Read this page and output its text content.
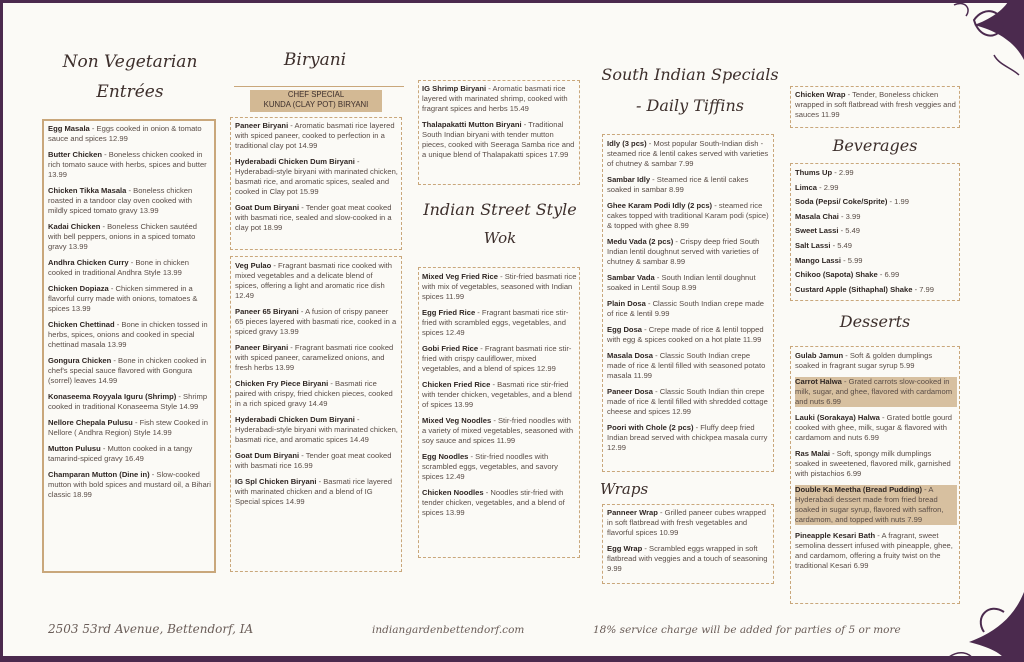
Non Vegetarian
Entrées
Egg Masala - Eggs cooked in onion & tomato sauce and spices 12.99
Butter Chicken - Boneless chicken cooked in rich tomato sauce with herbs, spices and butter 13.99
Chicken Tikka Masala - Boneless chicken roasted in a tandoor clay oven cooked with mildly spiced tomato gravy 13.99
Kadai Chicken - Boneless Chicken sautéed with bell peppers, onions in a spiced tomato gravy 13.99
Andhra Chicken Curry - Bone in chicken cooked in traditional Andhra Style 13.99
Chicken Dopiaza - Chicken simmered in a flavorful curry made with onions, tomatoes & spices 13.99
Chicken Chettinad - Bone in chicken tossed in herbs, spices, onions and cooked in special chettinad masala 13.99
Gongura Chicken - Bone in chicken cooked in chef's special sauce flavored with Gongura (sorrel) leaves 14.99
Konaseema Royyala Iguru (Shrimp) - Shrimp cooked in traditional Konaseema Style 14.99
Nellore Chepala Pulusu - Fish stew Cooked in Nellore ( Andhra Region) Style 14.99
Mutton Pulusu - Mutton cooked in a tangy tamarind-spiced gravy 16.49
Champaran Mutton (Dine in) - Slow-cooked mutton with bold spices and mustard oil, a Bihari classic 18.99
Biryani
CHEF SPECIAL
KUNDA (CLAY POT) BIRYANI
Paneer Biryani - Aromatic basmati rice layered with spiced paneer, cooked to perfection in a traditional clay pot 14.99
Hyderabadi Chicken Dum Biryani - Hyderabadi-style biryani with marinated chicken, basmati rice, and aromatic spices, sealed and cooked in Clay pot 15.99
Goat Dum Biryani - Tender goat meat cooked with basmati rice, sealed and slow-cooked in a clay pot 18.99
Veg Pulao - Fragrant basmati rice cooked with mixed vegetables and a delicate blend of spices, offering a light and aromatic rice dish 12.49
Paneer 65 Biryani - A fusion of crispy paneer 65 pieces layered with basmati rice, cooked in a spiced gravy 13.99
Paneer Biryani - Fragrant basmati rice cooked with spiced paneer, caramelized onions, and fresh herbs 13.99
Chicken Fry Piece Biryani - Basmati rice paired with crispy, fried chicken pieces, cooked in a rich spiced gravy 14.49
Hyderabadi Chicken Dum Biryani - Hyderabadi-style biryani with marinated chicken, basmati rice, and aromatic spices 14.49
Goat Dum Biryani - Tender goat meat cooked with basmati rice 16.99
IG Spl Chicken Biryani - Basmati rice layered with marinated chicken and a blend of IG Special spices 14.99
IG Shrimp Biryani - Aromatic basmati rice layered with marinated shrimp, cooked with fragrant spices and herbs 15.49
Thalapakatti Mutton Biryani - Traditional South Indian biryani with tender mutton pieces, cooked with Seeraga Samba rice and a unique blend of Thalapakatti spices 17.99
Indian Street Style
Wok
Mixed Veg Fried Rice - Stir-fried basmati rice with mix of vegetables, seasoned with Indian spices 11.99
Egg Fried Rice - Fragrant basmati rice stir-fried with scrambled eggs, vegetables, and spices 12.49
Gobi Fried Rice - Fragrant basmati rice stir-fried with crispy cauliflower, mixed vegetables, and a blend of spices 12.99
Chicken Fried Rice - Basmati rice stir-fried with tender chicken, vegetables, and a blend of spices 13.99
Mixed Veg Noodles - Stir-fried noodles with a variety of mixed vegetables, seasoned with soy sauce and spices 11.99
Egg Noodles - Stir-fried noodles with scrambled eggs, vegetables, and savory spices 12.49
Chicken Noodles - Noodles stir-fried with tender chicken, vegetables, and a blend of spices 13.99
South Indian Specials
- Daily Tiffins
Idly (3 pcs) - Most popular South-Indian dish - steamed rice & lentil cakes served with varieties of chutney & sambar 7.99
Sambar Idly - Steamed rice & lentil cakes soaked in sambar 8.99
Ghee Karam Podi Idly (2 pcs) - steamed rice cakes topped with traditional Karam podi (spice) & topped with ghee 8.99
Medu Vada (2 pcs) - Crispy deep fried South Indian lentil doughnut served with varieties of chutney & sambar 8.99
Sambar Vada - South Indian lentil doughnut soaked in Lentil Soup 8.99
Plain Dosa - Classic South Indian crepe made of rice & lentil 9.99
Egg Dosa - Crepe made of rice & lentil topped with egg & spices cooked on a hot plate 11.99
Masala Dosa - Classic South Indian crepe made of rice & lentil filled with seasoned potato masala 11.99
Paneer Dosa - Classic South Indian thin crepe made of rice & lentil filled with shredded cottage cheese and spices 12.99
Poori with Chole (2 pcs) - Fluffy deep fried Indian bread served with chickpea masala curry 12.99
Wraps
Panneer Wrap - Grilled paneer cubes wrapped in soft flatbread with fresh vegetables and flavorful spices 10.99
Egg Wrap - Scrambled eggs wrapped in soft flatbread with veggies and a touch of seasoning 9.99
Chicken Wrap - Tender, Boneless chicken wrapped in soft flatbread with fresh veggies and sauces 11.99
Beverages
Thums Up - 2.99
Limca - 2.99
Soda (Pepsi/ Coke/Sprite) - 1.99
Masala Chai - 3.99
Sweet Lassi - 5.49
Salt Lassi - 5.49
Mango Lassi - 5.99
Chikoo (Sapota) Shake - 6.99
Custard Apple (Sithaphal) Shake - 7.99
Desserts
Gulab Jamun - Soft & golden dumplings soaked in fragrant sugar syrup 5.99
Carrot Halwa - Grated carrots slow-cooked in milk, sugar, and ghee, flavored with cardamom and nuts 6.99
Lauki (Sorakaya) Halwa - Grated bottle gourd cooked with ghee, milk, sugar & flavored with cardamom and nuts 6.99
Ras Malai - Soft, spongy milk dumplings soaked in sweetened, flavored milk, garnished with pistachios 6.99
Double Ka Meetha (Bread Pudding) - A Hyderabadi dessert made from fried bread soaked in sugar syrup, flavored with saffron, cardamom, and topped with nuts 7.99
Pineapple Kesari Bath - A fragrant, sweet semolina dessert infused with pineapple, ghee, and cardamom, offering a fruity twist on the traditional Kesari 6.99
2503 53rd Avenue, Bettendorf, IA	indiangardenbettendorf.com	18% service charge will be added for parties of 5 or more
